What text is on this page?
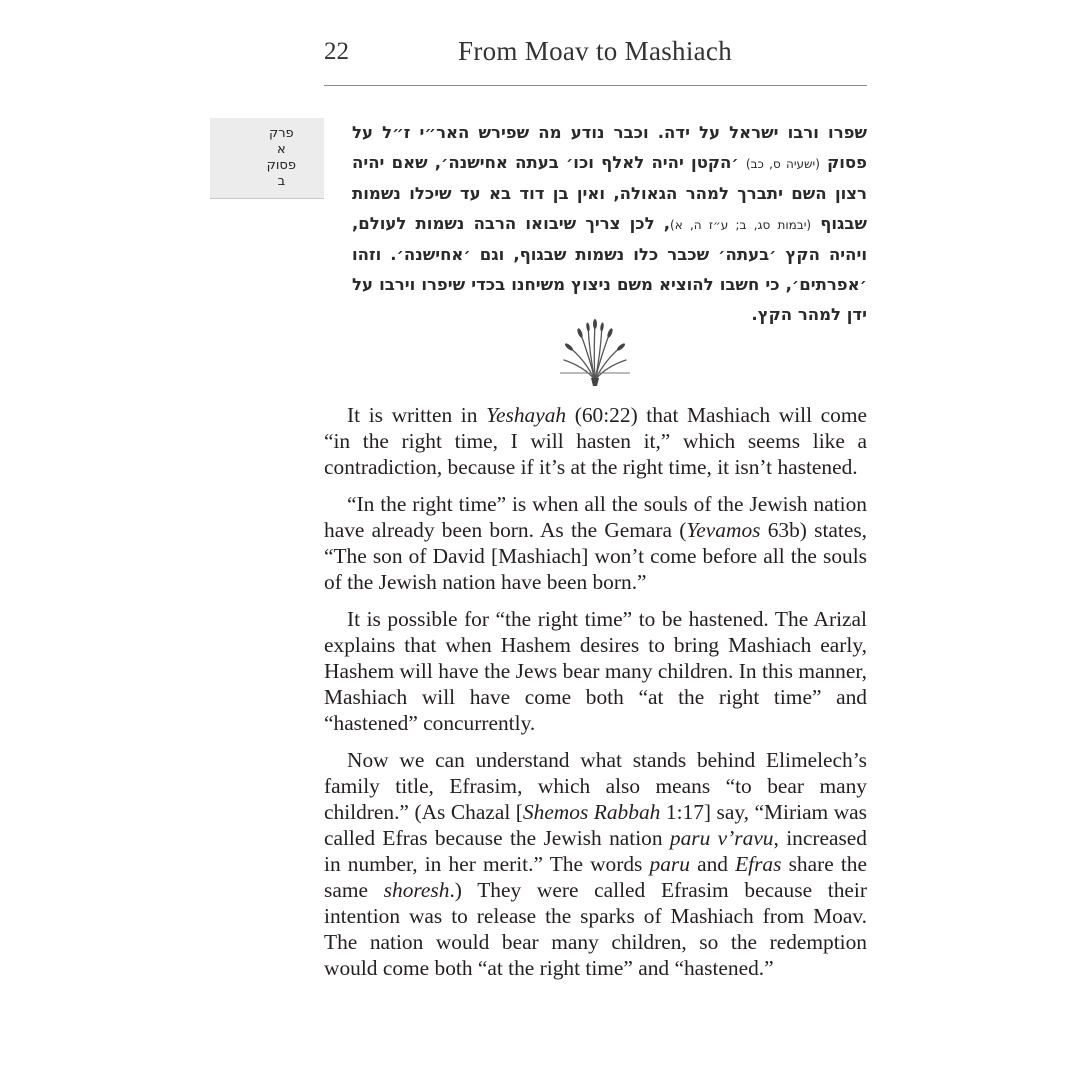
22	From Moav to Mashiach
פרק
א
פסוק
ב
שפרו ורבו ישראל על ידה. וכבר נודע מה שפירש האר״י ז״ל על פסוק (ישעיה ס, כב) ׳הקטן יהיה לאלף וכו׳ בעתה אחישנה׳, שאם יהיה רצון השם יתברך למהר הגאולה, ואין בן דוד בא עד שיכלו נשמות שבגוף (יבמות סג, ב; ע״ז ה, א), לכן צריך שיבואו הרבה נשמות לעולם, ויהיה הקץ ׳בעתה׳ שכבר כלו נשמות שבגוף, וגם ׳אחישנה׳. וזהו ׳אפרתים׳, כי חשבו להוציא משם ניצוץ משיחנו בכדי שיפרו וירבו על ידן למהר הקץ.

It is written in Yeshayah (60:22) that Mashiach will come “in the right time, I will hasten it,” which seems like a contradiction, because if it’s at the right time, it isn’t hastened.

“In the right time” is when all the souls of the Jewish nation have already been born. As the Gemara (Yevamos 63b) states, “The son of David [Mashiach] won’t come before all the souls of the Jewish nation have been born.”

It is possible for “the right time” to be hastened. The Arizal explains that when Hashem desires to bring Mashiach early, Hashem will have the Jews bear many children. In this manner, Mashiach will have come both “at the right time” and “hastened” concurrently.

Now we can understand what stands behind Elimelech’s family title, Efrasim, which also means “to bear many children.” (As Chazal [Shemos Rabbah 1:17] say, “Miriam was called Efras because the Jewish nation paru v’ravu, increased in number, in her merit.” The words paru and Efras share the same shoresh.) They were called Efrasim because their intention was to release the sparks of Mashiach from Moav. The nation would bear many children, so the redemption would come both “at the right time” and “hastened.”
